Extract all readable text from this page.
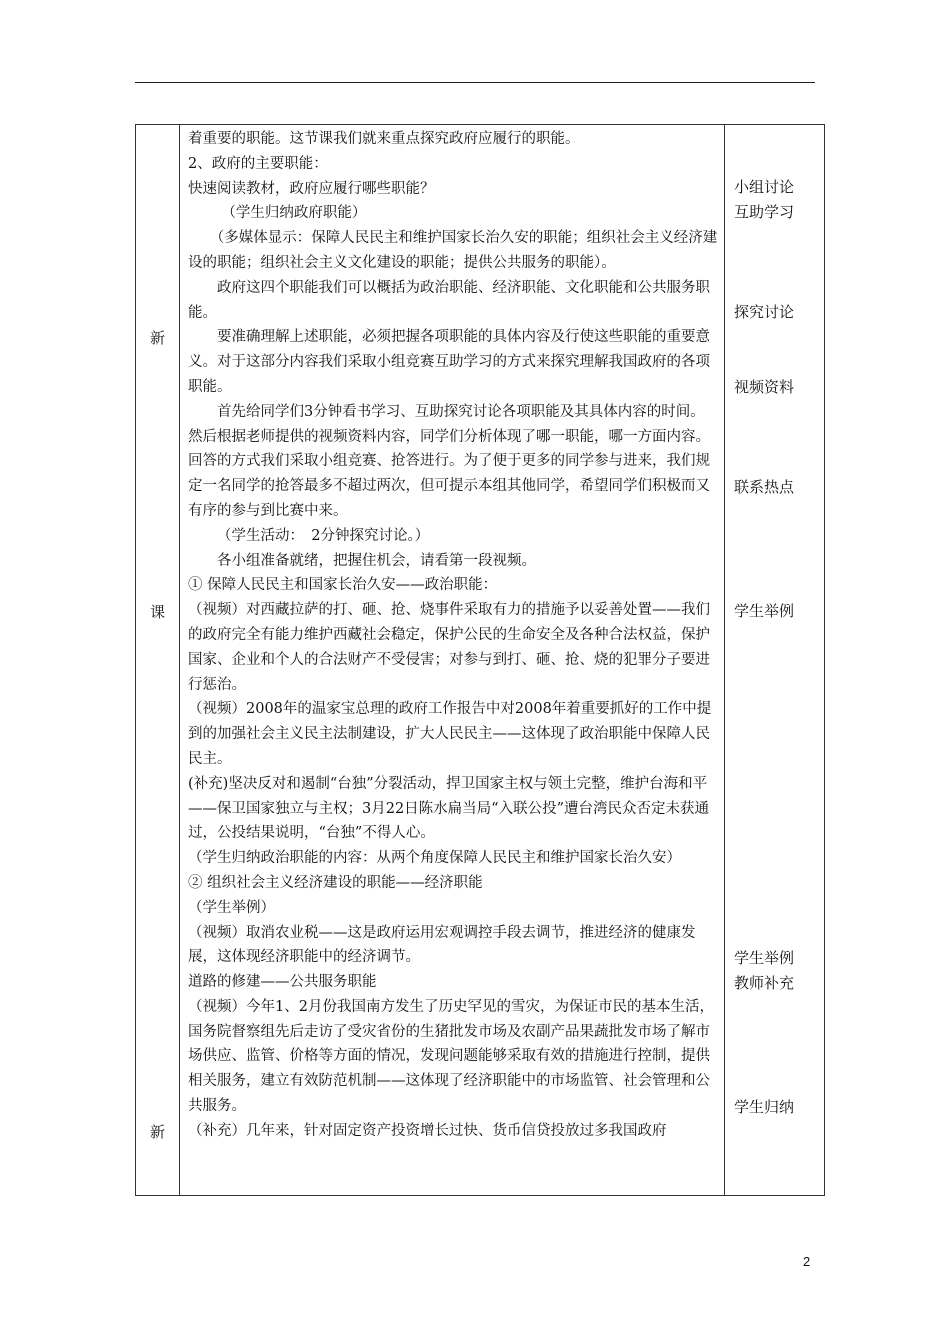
新
课
新

着重要的职能。这节课我们就来重点探究政府应履行的职能。

2、政府的主要职能：

快速阅读教材，政府应履行哪些职能？

（学生归纳政府职能）

（多媒体显示：保障人民民主和维护国家长治久安的职能；组织社会主义经济建设的职能；组织社会主义文化建设的职能；提供公共服务的职能）。

政府这四个职能我们可以概括为政治职能、经济职能、文化职能和公共服务职能。

要准确理解上述职能，必须把握各项职能的具体内容及行使这些职能的重要意义。对于这部分内容我们采取小组竞赛互助学习的方式来探究理解我国政府的各项职能。

首先给同学们3分钟看书学习、互助探究讨论各项职能及其具体内容的时间。然后根据老师提供的视频资料内容，同学们分析体现了哪一职能，哪一方面内容。回答的方式我们采取小组竞赛、抢答进行。为了便于更多的同学参与进来，我们规定一名同学的抢答最多不超过两次，但可提示本组其他同学，希望同学们积极而又有序的参与到比赛中来。

（学生活动：　2分钟探究讨论。）

各小组准备就绪，把握住机会，请看第一段视频。

① 保障人民民主和国家长治久安——政治职能：

（视频）对西藏拉萨的打、砸、抢、烧事件采取有力的措施予以妥善处置——我们的政府完全有能力维护西藏社会稳定，保护公民的生命安全及各种合法权益，保护国家、企业和个人的合法财产不受侵害；对参与到打、砸、抢、烧的犯罪分子要进行惩治。

（视频）2008年的温家宝总理的政府工作报告中对2008年着重要抓好的工作中提到的加强社会主义民主法制建设，扩大人民民主——这体现了政治职能中保障人民民主。

(补充)坚决反对和遏制“台独”分裂活动，捍卫国家主权与领土完整，维护台海和平——保卫国家独立与主权；3月22日陈水扁当局“入联公投”遭台湾民众否定未获通过，公投结果说明，“台独”不得人心。

（学生归纳政治职能的内容：从两个角度保障人民民主和维护国家长治久安）

② 组织社会主义经济建设的职能——经济职能

（学生举例）

（视频）取消农业税——这是政府运用宏观调控手段去调节，推进经济的健康发展，这体现经济职能中的经济调节。

道路的修建——公共服务职能

（视频）今年1、2月份我国南方发生了历史罕见的雪灾，为保证市民的基本生活，国务院督察组先后走访了受灾省份的生猪批发市场及农副产品果蔬批发市场了解市场供应、监管、价格等方面的情况，发现问题能够采取有效的措施进行控制，提供相关服务，建立有效防范机制——这体现了经济职能中的市场监管、社会管理和公共服务。

（补充）几年来，针对固定资产投资增长过快、货币信贷投放过多我国政府

小组讨论
互助学习
探究讨论
视频资料
联系热点
学生举例
学生举例
教师补充
学生归纳
2
